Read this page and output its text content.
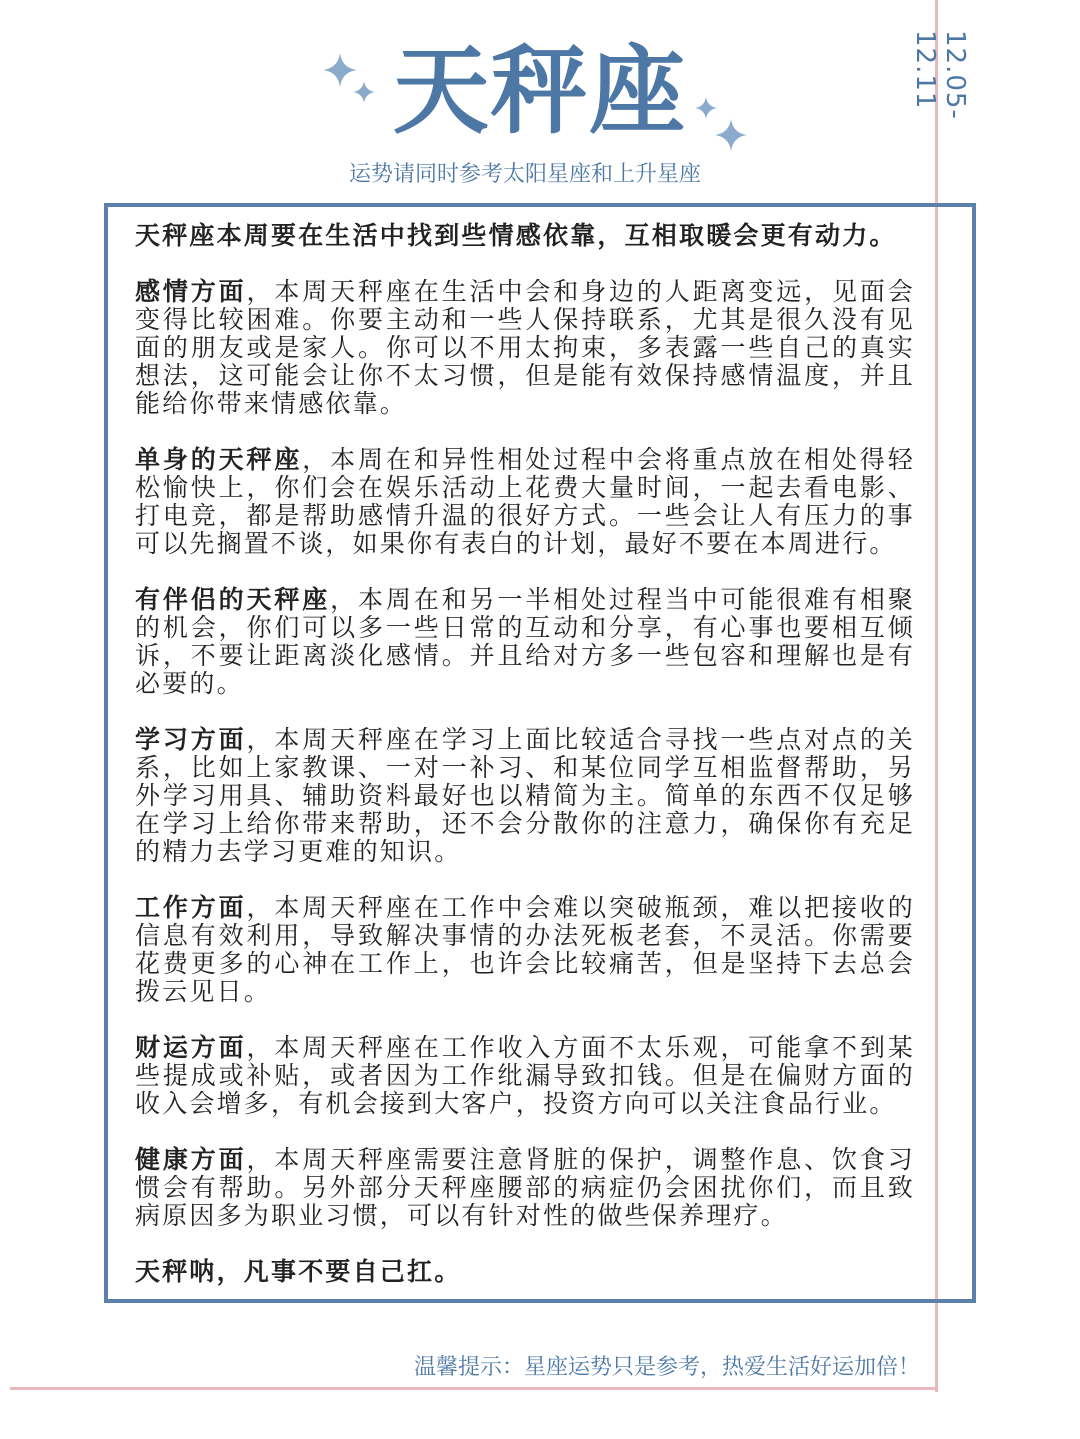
天秤座

运势请同时参考太阳星座和上升星座

12.05-12.11

天秤座本周要在生活中找到些情感依靠，互相取暖会更有动力。

感情方面，本周天秤座在生活中会和身边的人距离变远，见面会变得比较困难。你要主动和一些人保持联系，尤其是很久没有见面的朋友或是家人。你可以不用太拘束，多表露一些自己的真实想法，这可能会让你不太习惯，但是能有效保持感情温度，并且能给你带来情感依靠。

单身的天秤座，本周在和异性相处过程中会将重点放在相处得轻松愉快上，你们会在娱乐活动上花费大量时间，一起去看电影、打电竞，都是帮助感情升温的很好方式。一些会让人有压力的事可以先搁置不谈，如果你有表白的计划，最好不要在本周进行。

有伴侣的天秤座，本周在和另一半相处过程当中可能很难有相聚的机会，你们可以多一些日常的互动和分享，有心事也要相互倾诉，不要让距离淡化感情。并且给对方多一些包容和理解也是有必要的。

学习方面，本周天秤座在学习上面比较适合寻找一些点对点的关系，比如上家教课、一对一补习、和某位同学互相监督帮助，另外学习用具、辅助资料最好也以精简为主。简单的东西不仅足够在学习上给你带来帮助，还不会分散你的注意力，确保你有充足的精力去学习更难的知识。

工作方面，本周天秤座在工作中会难以突破瓶颈，难以把接收的信息有效利用，导致解决事情的办法死板老套，不灵活。你需要花费更多的心神在工作上，也许会比较痛苦，但是坚持下去总会拨云见日。

财运方面，本周天秤座在工作收入方面不太乐观，可能拿不到某些提成或补贴，或者因为工作纰漏导致扣钱。但是在偏财方面的收入会增多，有机会接到大客户，投资方向可以关注食品行业。

健康方面，本周天秤座需要注意肾脏的保护，调整作息、饮食习惯会有帮助。另外部分天秤座腰部的病症仍会困扰你们，而且致病原因多为职业习惯，可以有针对性的做些保养理疗。

天秤呐，凡事不要自己扛。

温馨提示：星座运势只是参考，热爱生活好运加倍！
